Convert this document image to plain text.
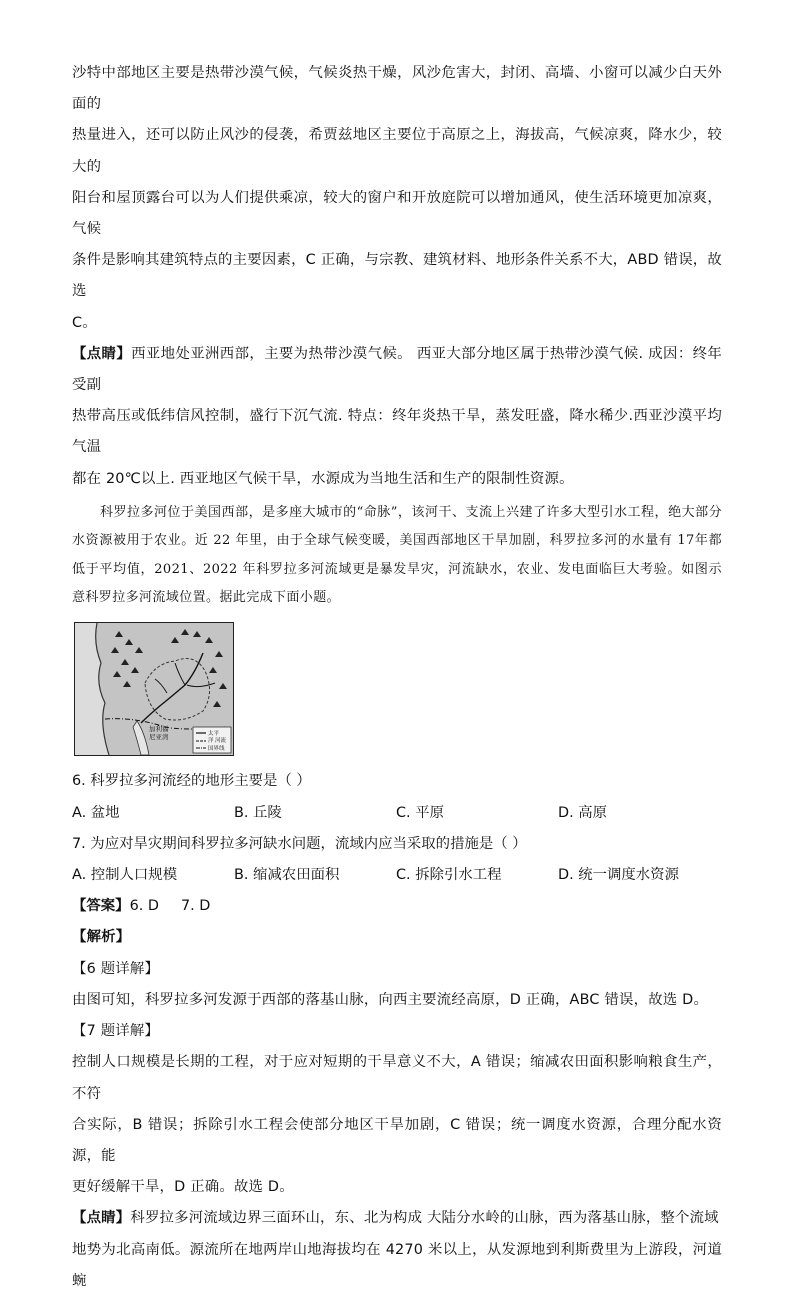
沙特中部地区主要是热带沙漠气候，气候炎热干燥，风沙危害大，封闭、高墙、小窗可以减少白天外面的

热量进入，还可以防止风沙的侵袭，希贾兹地区主要位于高原之上，海拔高，气候凉爽，降水少，较大的

阳台和屋顶露台可以为人们提供乘凉，较大的窗户和开放庭院可以增加通风，使生活环境更加凉爽，气候

条件是影响其建筑特点的主要因素，C 正确，与宗教、建筑材料、地形条件关系不大，ABD 错误，故选

C。

【点睛】西亚地处亚洲西部，主要为热带沙漠气候。 西亚大部分地区属于热带沙漠气候. 成因：终年受副

热带高压或低纬信风控制，盛行下沉气流. 特点：终年炎热干旱，蒸发旺盛，降水稀少.西亚沙漠平均气温

都在 20℃以上. 西亚地区气候干旱，水源成为当地生活和生产的限制性资源。

科罗拉多河位于美国西部，是多座大城市的“命脉”，该河干、支流上兴建了许多大型引水工程，绝大部分水资源被用于农业。近 22 年里，由于全球气候变暖，美国西部地区干旱加剧，科罗拉多河的水量有 17年都低于平均值，2021、2022 年科罗拉多河流域更是暴发旱灾，河流缺水，农业、发电面临巨大考验。如图示意科罗拉多河流域位置。据此完成下面小题。

加利福
尼亚湾	太平
洋 河流
国界线

6. 科罗拉多河流经的地形主要是（ ）

A. 盆地	B. 丘陵	C. 平原	D. 高原

7. 为应对旱灾期间科罗拉多河缺水问题，流域内应当采取的措施是（ ）

A. 控制人口规模	B. 缩减农田面积	C. 拆除引水工程	D. 统一调度水资源
【答案】6. D 7. D

【解析】

【6 题详解】

由图可知，科罗拉多河发源于西部的落基山脉，向西主要流经高原，D 正确，ABC 错误，故选 D。

【7 题详解】

控制人口规模是长期的工程，对于应对短期的干旱意义不大，A 错误；缩减农田面积影响粮食生产，不符

合实际，B 错误；拆除引水工程会使部分地区干旱加剧，C 错误；统一调度水资源，合理分配水资源，能

更好缓解干旱，D 正确。故选 D。

【点睛】科罗拉多河流域边界三面环山，东、北为构成 大陆分水岭的山脉，西为落基山脉，整个流域

地势为北高南低。源流所在地两岸山地海拔均在 4270 米以上，从发源地到利斯费里为上游段，河道蜿
